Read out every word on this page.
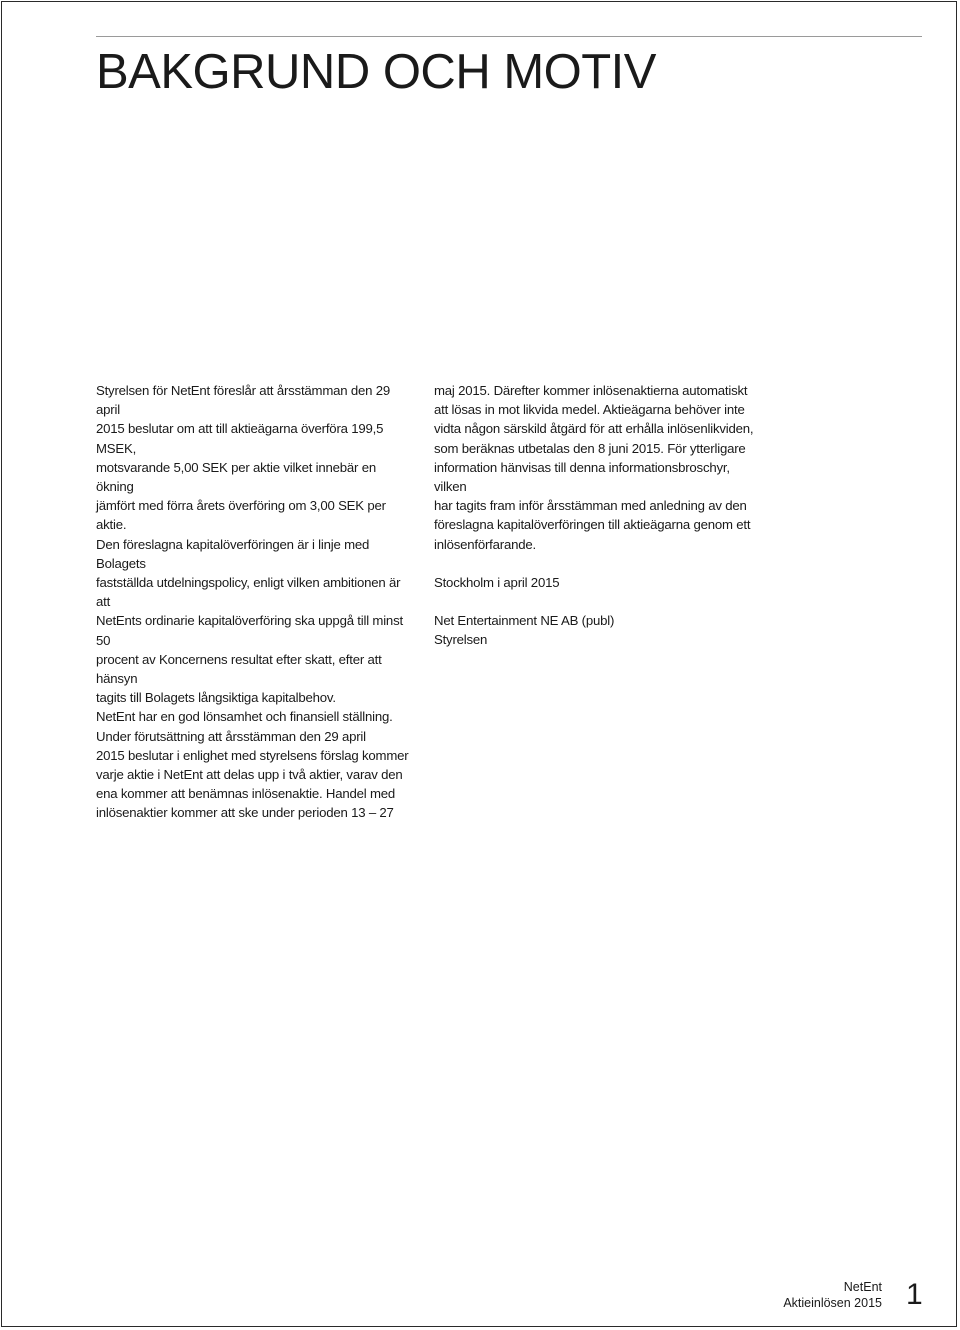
BAKGRUND OCH MOTIV

Styrelsen för NetEnt föreslår att årsstämman den 29 april
2015 beslutar om att till aktieägarna överföra 199,5 MSEK,
motsvarande 5,00 SEK per aktie vilket innebär en ökning
jämfört med förra årets överföring om 3,00 SEK per aktie.

Den föreslagna kapitalöverföringen är i linje med Bolagets
fastställda utdelningspolicy, enligt vilken ambitionen är att
NetEnts ordinarie kapitalöverföring ska uppgå till minst 50
procent av Koncernens resultat efter skatt, efter att hänsyn
tagits till Bolagets långsiktiga kapitalbehov.

NetEnt har en god lönsamhet och finansiell ställning.

Under förutsättning att årsstämman den 29 april
2015 beslutar i enlighet med styrelsens förslag kommer
varje aktie i NetEnt att delas upp i två aktier, varav den
ena kommer att benämnas inlösenaktie. Handel med
inlösenaktier kommer att ske under perioden 13 – 27

maj 2015. Därefter kommer inlösenaktierna automatiskt
att lösas in mot likvida medel. Aktieägarna behöver inte
vidta någon särskild åtgärd för att erhålla inlösenlikviden,
som beräknas utbetalas den 8 juni 2015. För ytterligare
information hänvisas till denna informationsbroschyr, vilken
har tagits fram inför årsstämman med anledning av den
föreslagna kapitalöverföringen till aktieägarna genom ett
inlösenförfarande.

Stockholm i april 2015

Net Entertainment NE AB (publ)

Styrelsen

NetEnt
Aktieinlösen 2015 1
